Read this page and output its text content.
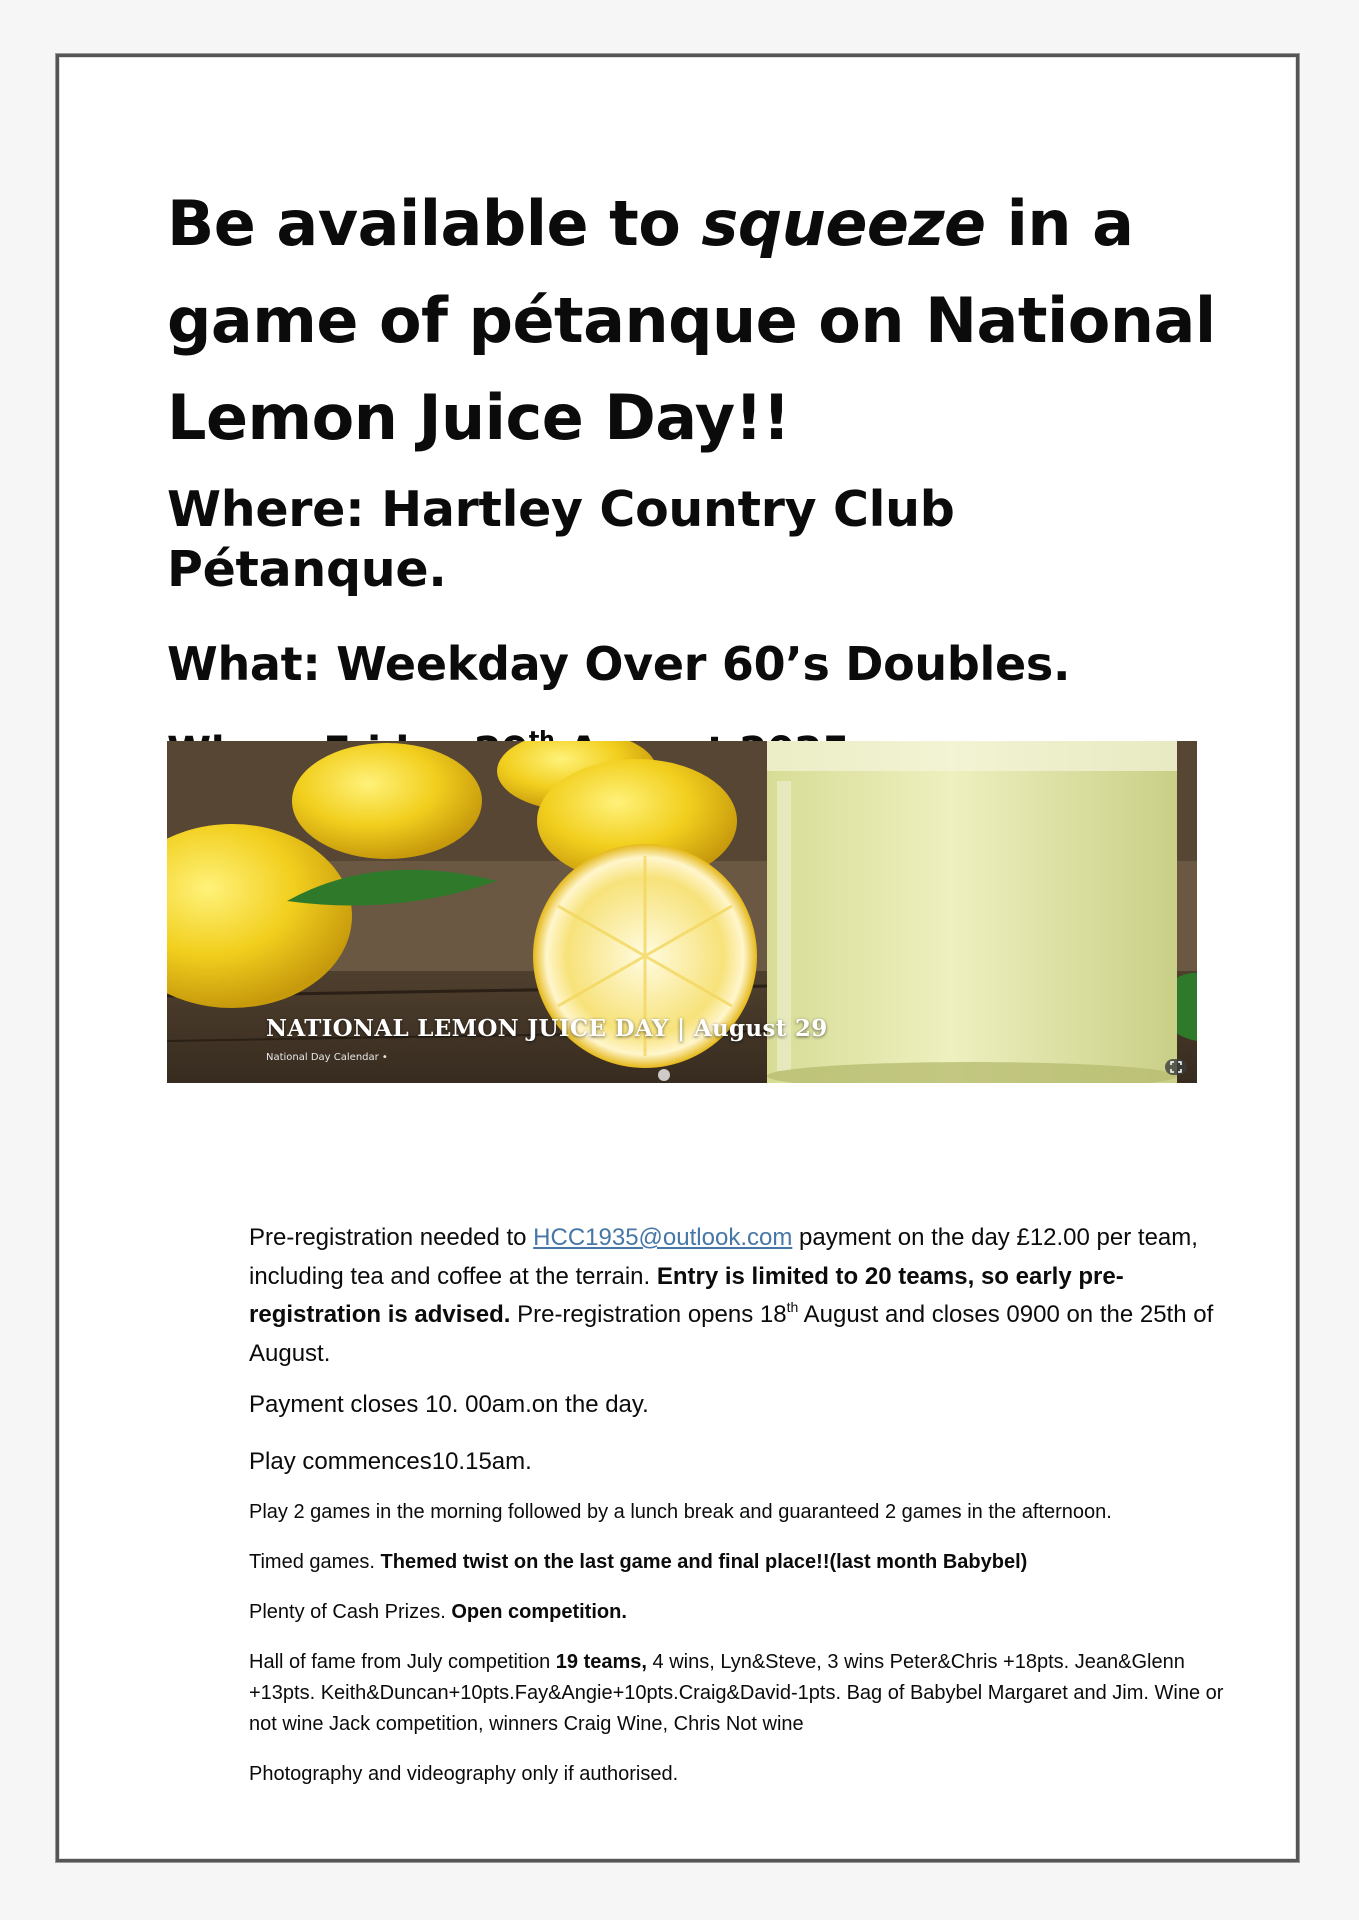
Be available to squeeze in a game of pétanque on National Lemon Juice Day!!

Where: Hartley Country Club Pétanque.

What: Weekday Over 60’s Doubles.

NATIONAL LEMON JUICE DAY | August 29
National Day Calendar •

Pre-registration needed to HCC1935@outlook.com payment on the day £12.00 per team, including tea and coffee at the terrain. Entry is limited to 20 teams, so early pre-registration is advised. Pre-registration opens 18th August and closes 0900 on the 25th of August.

Payment closes 10. 00am.on the day.

Play commences10.15am.

Play 2 games in the morning followed by a lunch break and guaranteed 2 games in the afternoon.

Timed games. Themed twist on the last game and final place!!(last month Babybel)

Plenty of Cash Prizes. Open competition.

Hall of fame from July competition 19 teams, 4 wins, Lyn&Steve, 3 wins Peter&Chris +18pts. Jean&Glenn +13pts. Keith&Duncan+10pts.Fay&Angie+10pts.Craig&David-1pts. Bag of Babybel Margaret and Jim. Wine or not wine Jack competition, winners Craig Wine, Chris Not wine

Photography and videography only if authorised.
